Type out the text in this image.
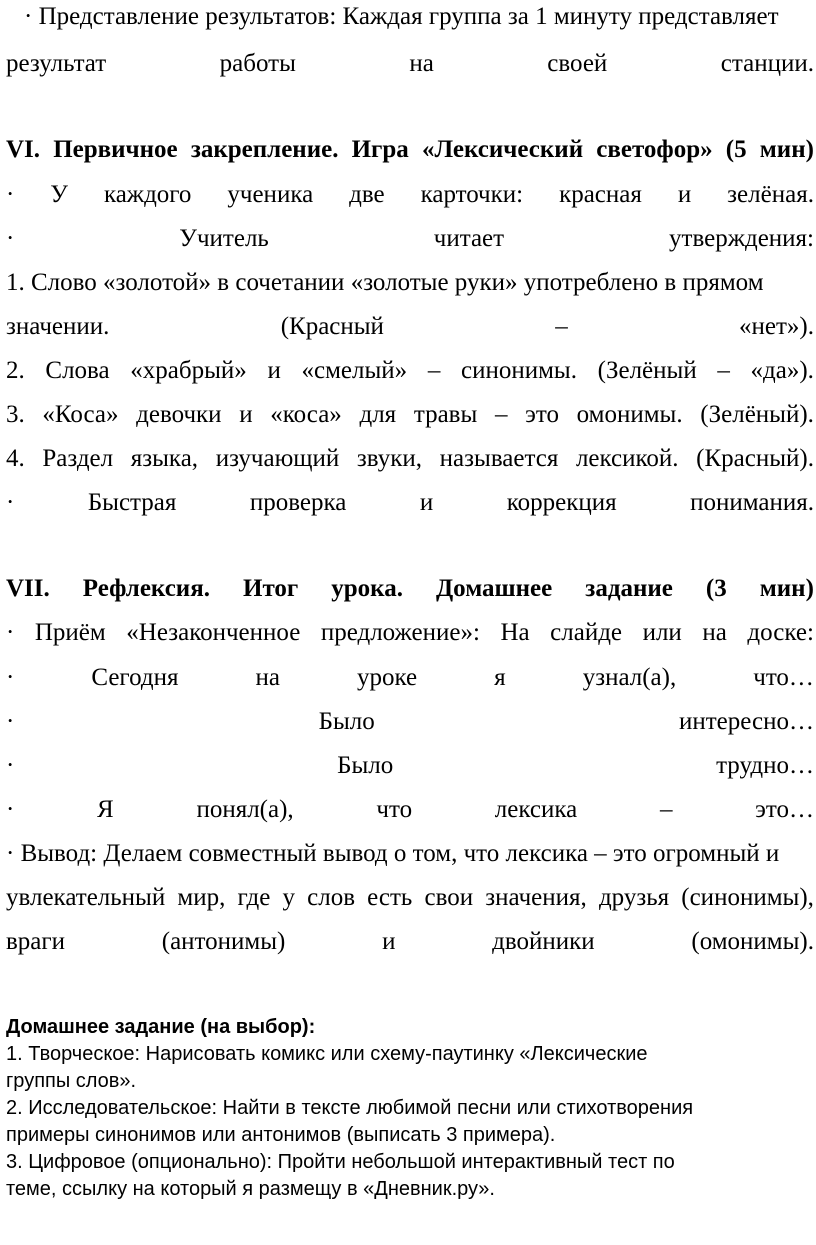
· Представление результатов: Каждая группа за 1 минуту представляет
результат	работы	на	своей	станции.
VI. Первичное закрепление. Игра «Лексический светофор» (5 мин)
· У каждого ученика две карточки: красная и зелёная.
·	Учитель	читает	утверждения:
1. Слово «золотой» в сочетании «золотые руки» употреблено в прямом
значении.	(Красный	–	«нет»).
2. Слова «храбрый» и «смелый» – синонимы. (Зелёный – «да»).
3. «Коса» девочки и «коса» для травы – это омонимы. (Зелёный).
4. Раздел языка, изучающий звуки, называется лексикой. (Красный).
·	Быстрая	проверка	и	коррекция	понимания.
VII. Рефлексия. Итог урока. Домашнее задание (3 мин)
· Приём «Незаконченное предложение»: На слайде или на доске:
·	Сегодня	на	уроке	я	узнал(а),	что…
·	Было	интересно…
·	Было	трудно…
·	Я	понял(а),	что	лексика	–	это…
· Вывод: Делаем совместный вывод о том, что лексика – это огромный и
увлекательный мир, где у слов есть свои значения, друзья (синонимы),
враги	(антонимы)	и	двойники	(омонимы).
Домашнее задание (на выбор):
1. Творческое: Нарисовать комикс или схему-паутинку «Лексические
группы слов».
2. Исследовательское: Найти в тексте любимой песни или стихотворения
примеры синонимов или антонимов (выписать 3 примера).
3. Цифровое (опционально): Пройти небольшой интерактивный тест по
теме, ссылку на который я размещу в «Дневник.ру».
